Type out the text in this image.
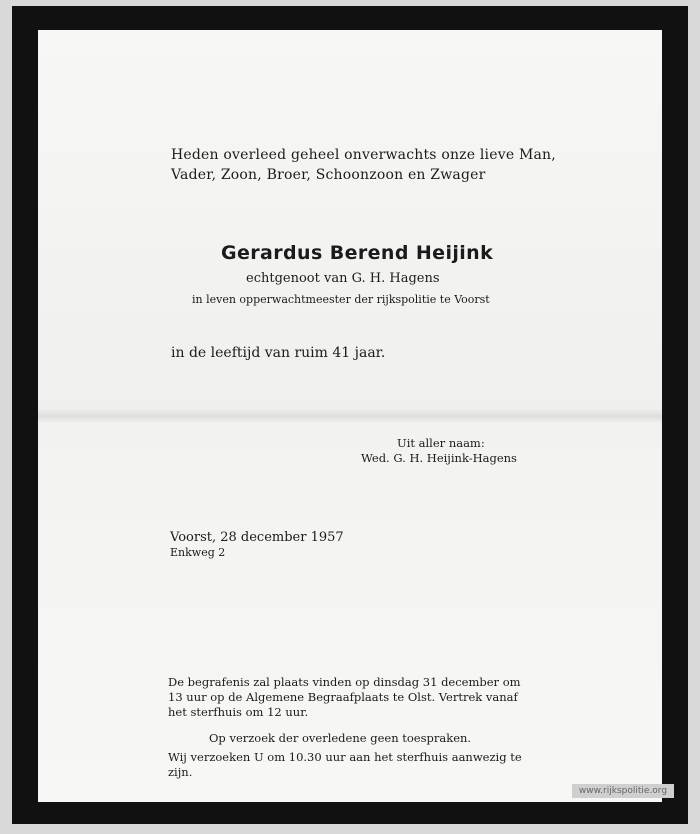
Heden overleed geheel onverwachts onze lieve Man,
Vader, Zoon, Broer, Schoonzoon en Zwager
Gerardus Berend Heijink
echtgenoot van G. H. Hagens
in leven opperwachtmeester der rijkspolitie te Voorst
in de leeftijd van ruim 41 jaar.
Uit aller naam:
Wed. G. H. Heijink-Hagens
Voorst, 28 december 1957
Enkweg 2
De begrafenis zal plaats vinden op dinsdag 31 december om
13 uur op de Algemene Begraafplaats te Olst. Vertrek vanaf
het sterfhuis om 12 uur.
Op verzoek der overledene geen toespraken.
Wij verzoeken U om 10.30 uur aan het sterfhuis aanwezig te
zijn.
www.rijkspolitie.org
